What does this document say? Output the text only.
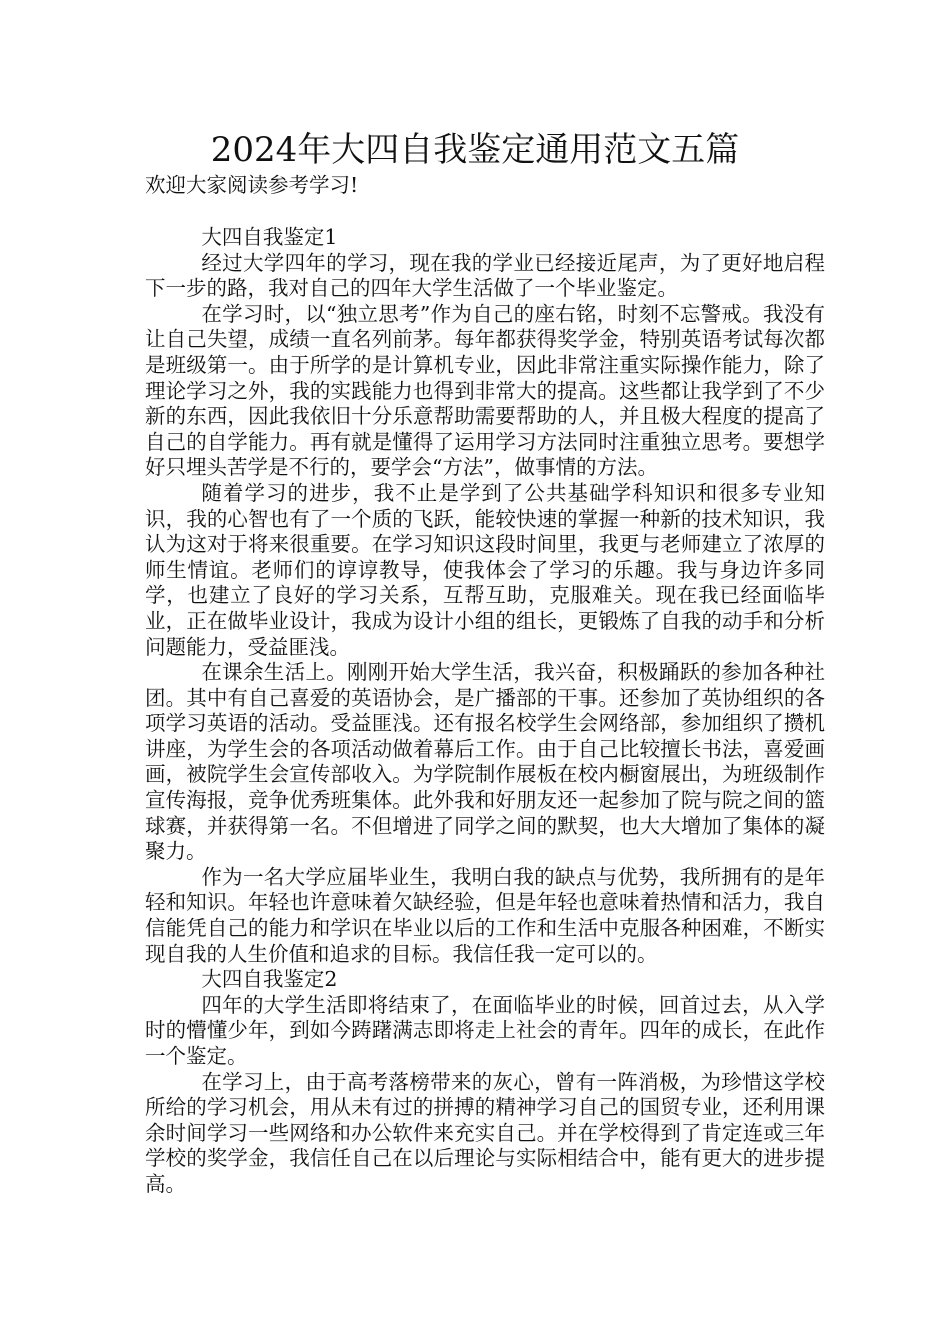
2024年大四自我鉴定通用范文五篇
欢迎大家阅读参考学习!
大四自我鉴定1

经过大学四年的学习，现在我的学业已经接近尾声，为了更好地启程下一步的路，我对自己的四年大学生活做了一个毕业鉴定。

在学习时，以“独立思考”作为自己的座右铭，时刻不忘警戒。我没有让自己失望，成绩一直名列前茅。每年都获得奖学金，特别英语考试每次都是班级第一。由于所学的是计算机专业，因此非常注重实际操作能力，除了理论学习之外，我的实践能力也得到非常大的提高。这些都让我学到了不少新的东西，因此我依旧十分乐意帮助需要帮助的人，并且极大程度的提高了自己的自学能力。再有就是懂得了运用学习方法同时注重独立思考。要想学好只埋头苦学是不行的，要学会“方法”，做事情的方法。

随着学习的进步，我不止是学到了公共基础学科知识和很多专业知识，我的心智也有了一个质的飞跃，能较快速的掌握一种新的技术知识，我认为这对于将来很重要。在学习知识这段时间里，我更与老师建立了浓厚的师生情谊。老师们的谆谆教导，使我体会了学习的乐趣。我与身边许多同学，也建立了良好的学习关系，互帮互助，克服难关。现在我已经面临毕业，正在做毕业设计，我成为设计小组的组长，更锻炼了自我的动手和分析问题能力，受益匪浅。

在课余生活上。刚刚开始大学生活，我兴奋，积极踊跃的参加各种社团。其中有自己喜爱的英语协会，是广播部的干事。还参加了英协组织的各项学习英语的活动。受益匪浅。还有报名校学生会网络部，参加组织了攒机讲座，为学生会的各项活动做着幕后工作。由于自己比较擅长书法，喜爱画画，被院学生会宣传部收入。为学院制作展板在校内橱窗展出，为班级制作宣传海报，竞争优秀班集体。此外我和好朋友还一起参加了院与院之间的篮球赛，并获得第一名。不但增进了同学之间的默契，也大大增加了集体的凝聚力。

作为一名大学应届毕业生，我明白我的缺点与优势，我所拥有的是年轻和知识。年轻也许意味着欠缺经验，但是年轻也意味着热情和活力，我自信能凭自己的能力和学识在毕业以后的工作和生活中克服各种困难，不断实现自我的人生价值和追求的目标。我信任我一定可以的。

大四自我鉴定2

四年的大学生活即将结束了，在面临毕业的时候，回首过去，从入学时的懵懂少年，到如今踌躇满志即将走上社会的青年。四年的成长，在此作一个鉴定。

在学习上，由于高考落榜带来的灰心，曾有一阵消极，为珍惜这学校所给的学习机会，用从未有过的拼搏的精神学习自己的国贸专业，还利用课余时间学习一些网络和办公软件来充实自己。并在学校得到了肯定连或三年学校的奖学金，我信任自己在以后理论与实际相结合中，能有更大的进步提高。
